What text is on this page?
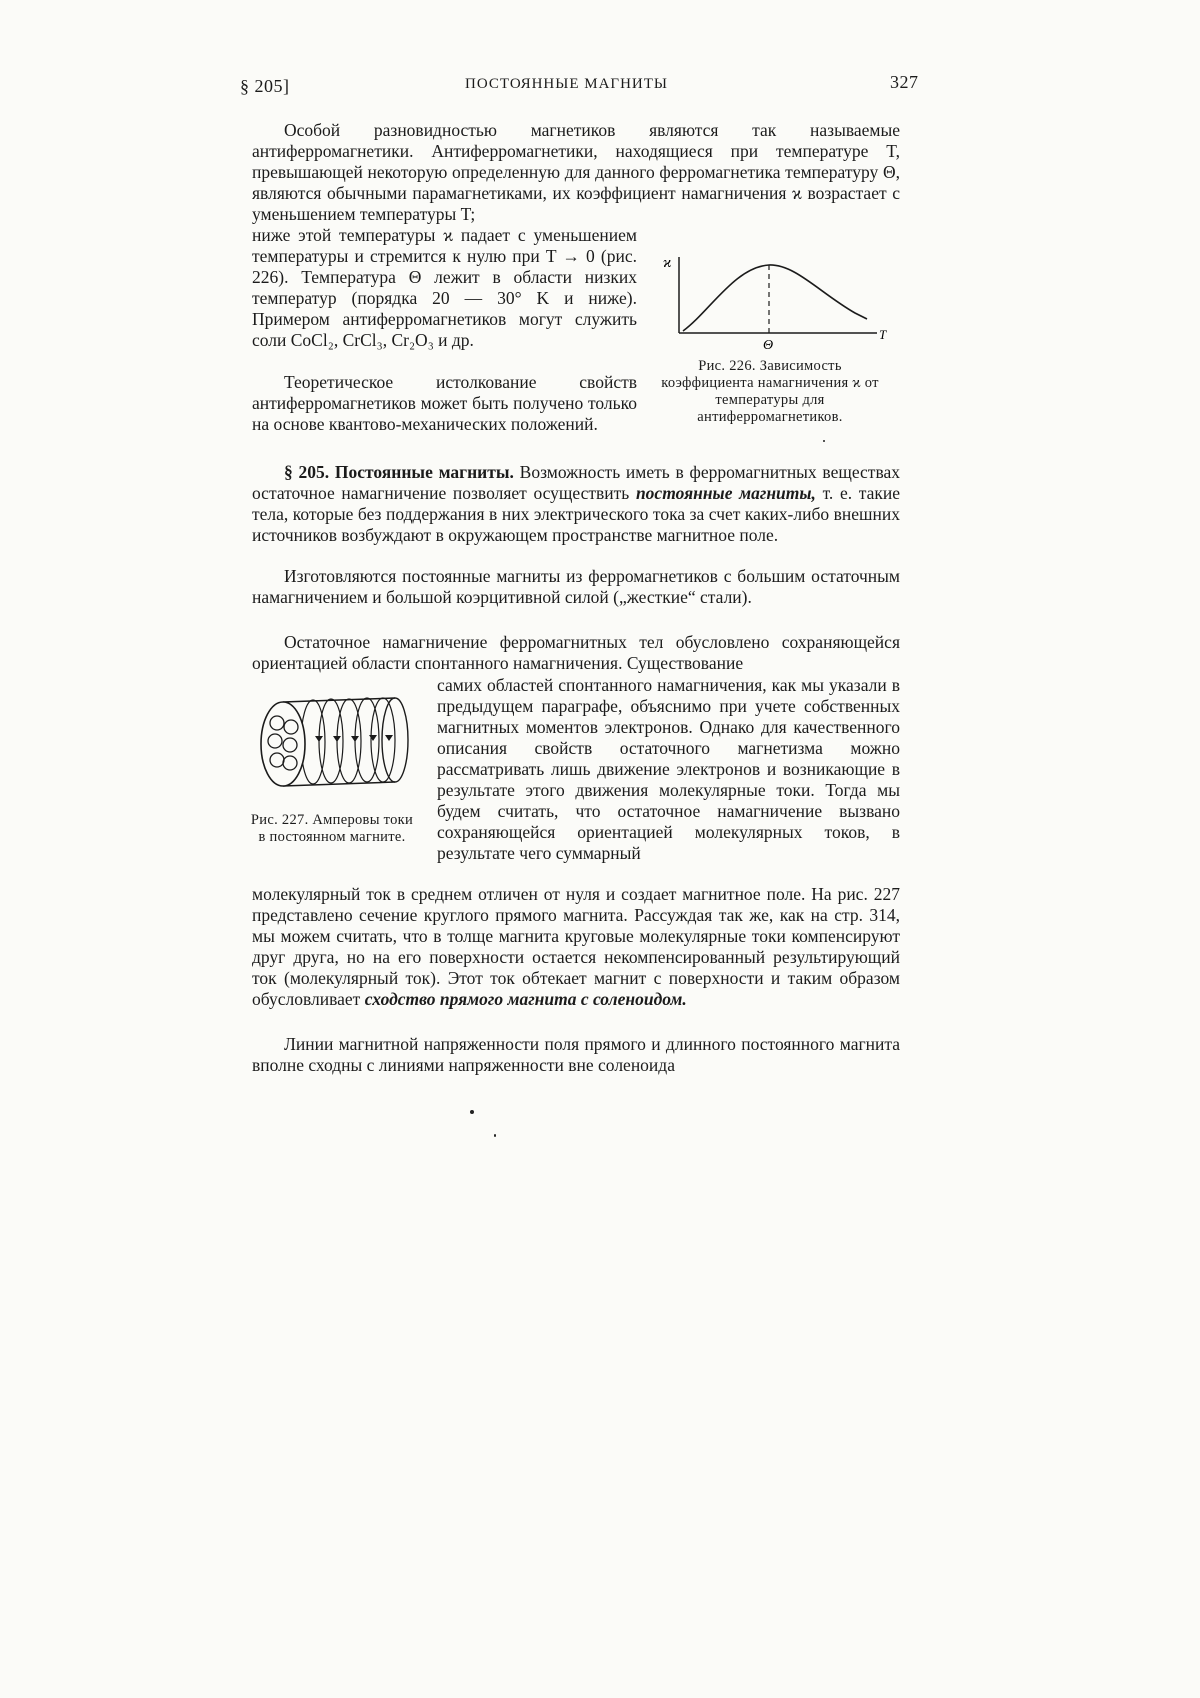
§ 205]	ПОСТОЯННЫЕ МАГНИТЫ	327

Особой разновидностью магнетиков являются так называемые антиферромагнетики. Антиферромагнетики, находящиеся при температуре T, превышающей некоторую определенную для данного ферромагнетика температуру Θ, являются обычными парамагнетиками, их коэффициент намагничения ϰ возрастает с уменьшением температуры T;

ниже этой температуры ϰ падает с уменьшением температуры и стремится к нулю при T → 0 (рис. 226). Температура Θ лежит в области низких температур (порядка 20 — 30° K и ниже). Примером антиферромагнетиков могут служить соли CoCl₂, CrCl₃, Cr₂O₃ и др.

ϰ
T
Θ
Рис. 226. Зависимость коэффициента намагничения ϰ от температуры для антиферромагнетиков.

Теоретическое истолкование свойств антиферромагнетиков может быть получено только на основе квантово-механических положений.

§ 205. Постоянные магниты. Возможность иметь в ферромагнитных веществах остаточное намагничение позволяет осуществить постоянные магниты, т. е. такие тела, которые без поддержания в них электрического тока за счет каких-либо внешних источников возбуждают в окружающем пространстве магнитное поле.

Изготовляются постоянные магниты из ферромагнетиков с большим остаточным намагничением и большой коэрцитивной силой („жесткие“ стали).

Остаточное намагничение ферромагнитных тел обусловлено сохраняющейся ориентацией области спонтанного намагничения. Существование

самих областей спонтанного намагничения, как мы указали в предыдущем параграфе, объяснимо при учете собственных магнитных моментов электронов. Однако для качественного описания свойств остаточного магнетизма можно рассматривать лишь движение электронов и возникающие в результате этого движения молекулярные токи. Тогда мы будем считать, что остаточное намагничение вызвано сохраняющейся ориентацией молекулярных токов, в результате чего суммарный

Рис. 227. Амперовы токи в постоянном магните.

молекулярный ток в среднем отличен от нуля и создает магнитное поле. На рис. 227 представлено сечение круглого прямого магнита. Рассуждая так же, как на стр. 314, мы можем считать, что в толще магнита круговые молекулярные токи компенсируют друг друга, но на его поверхности остается некомпенсированный результирующий ток (молекулярный ток). Этот ток обтекает магнит с поверхности и таким образом обусловливает сходство прямого магнита с соленоидом.

Линии магнитной напряженности поля прямого и длинного постоянного магнита вполне сходны с линиями напряженности вне соленоида
